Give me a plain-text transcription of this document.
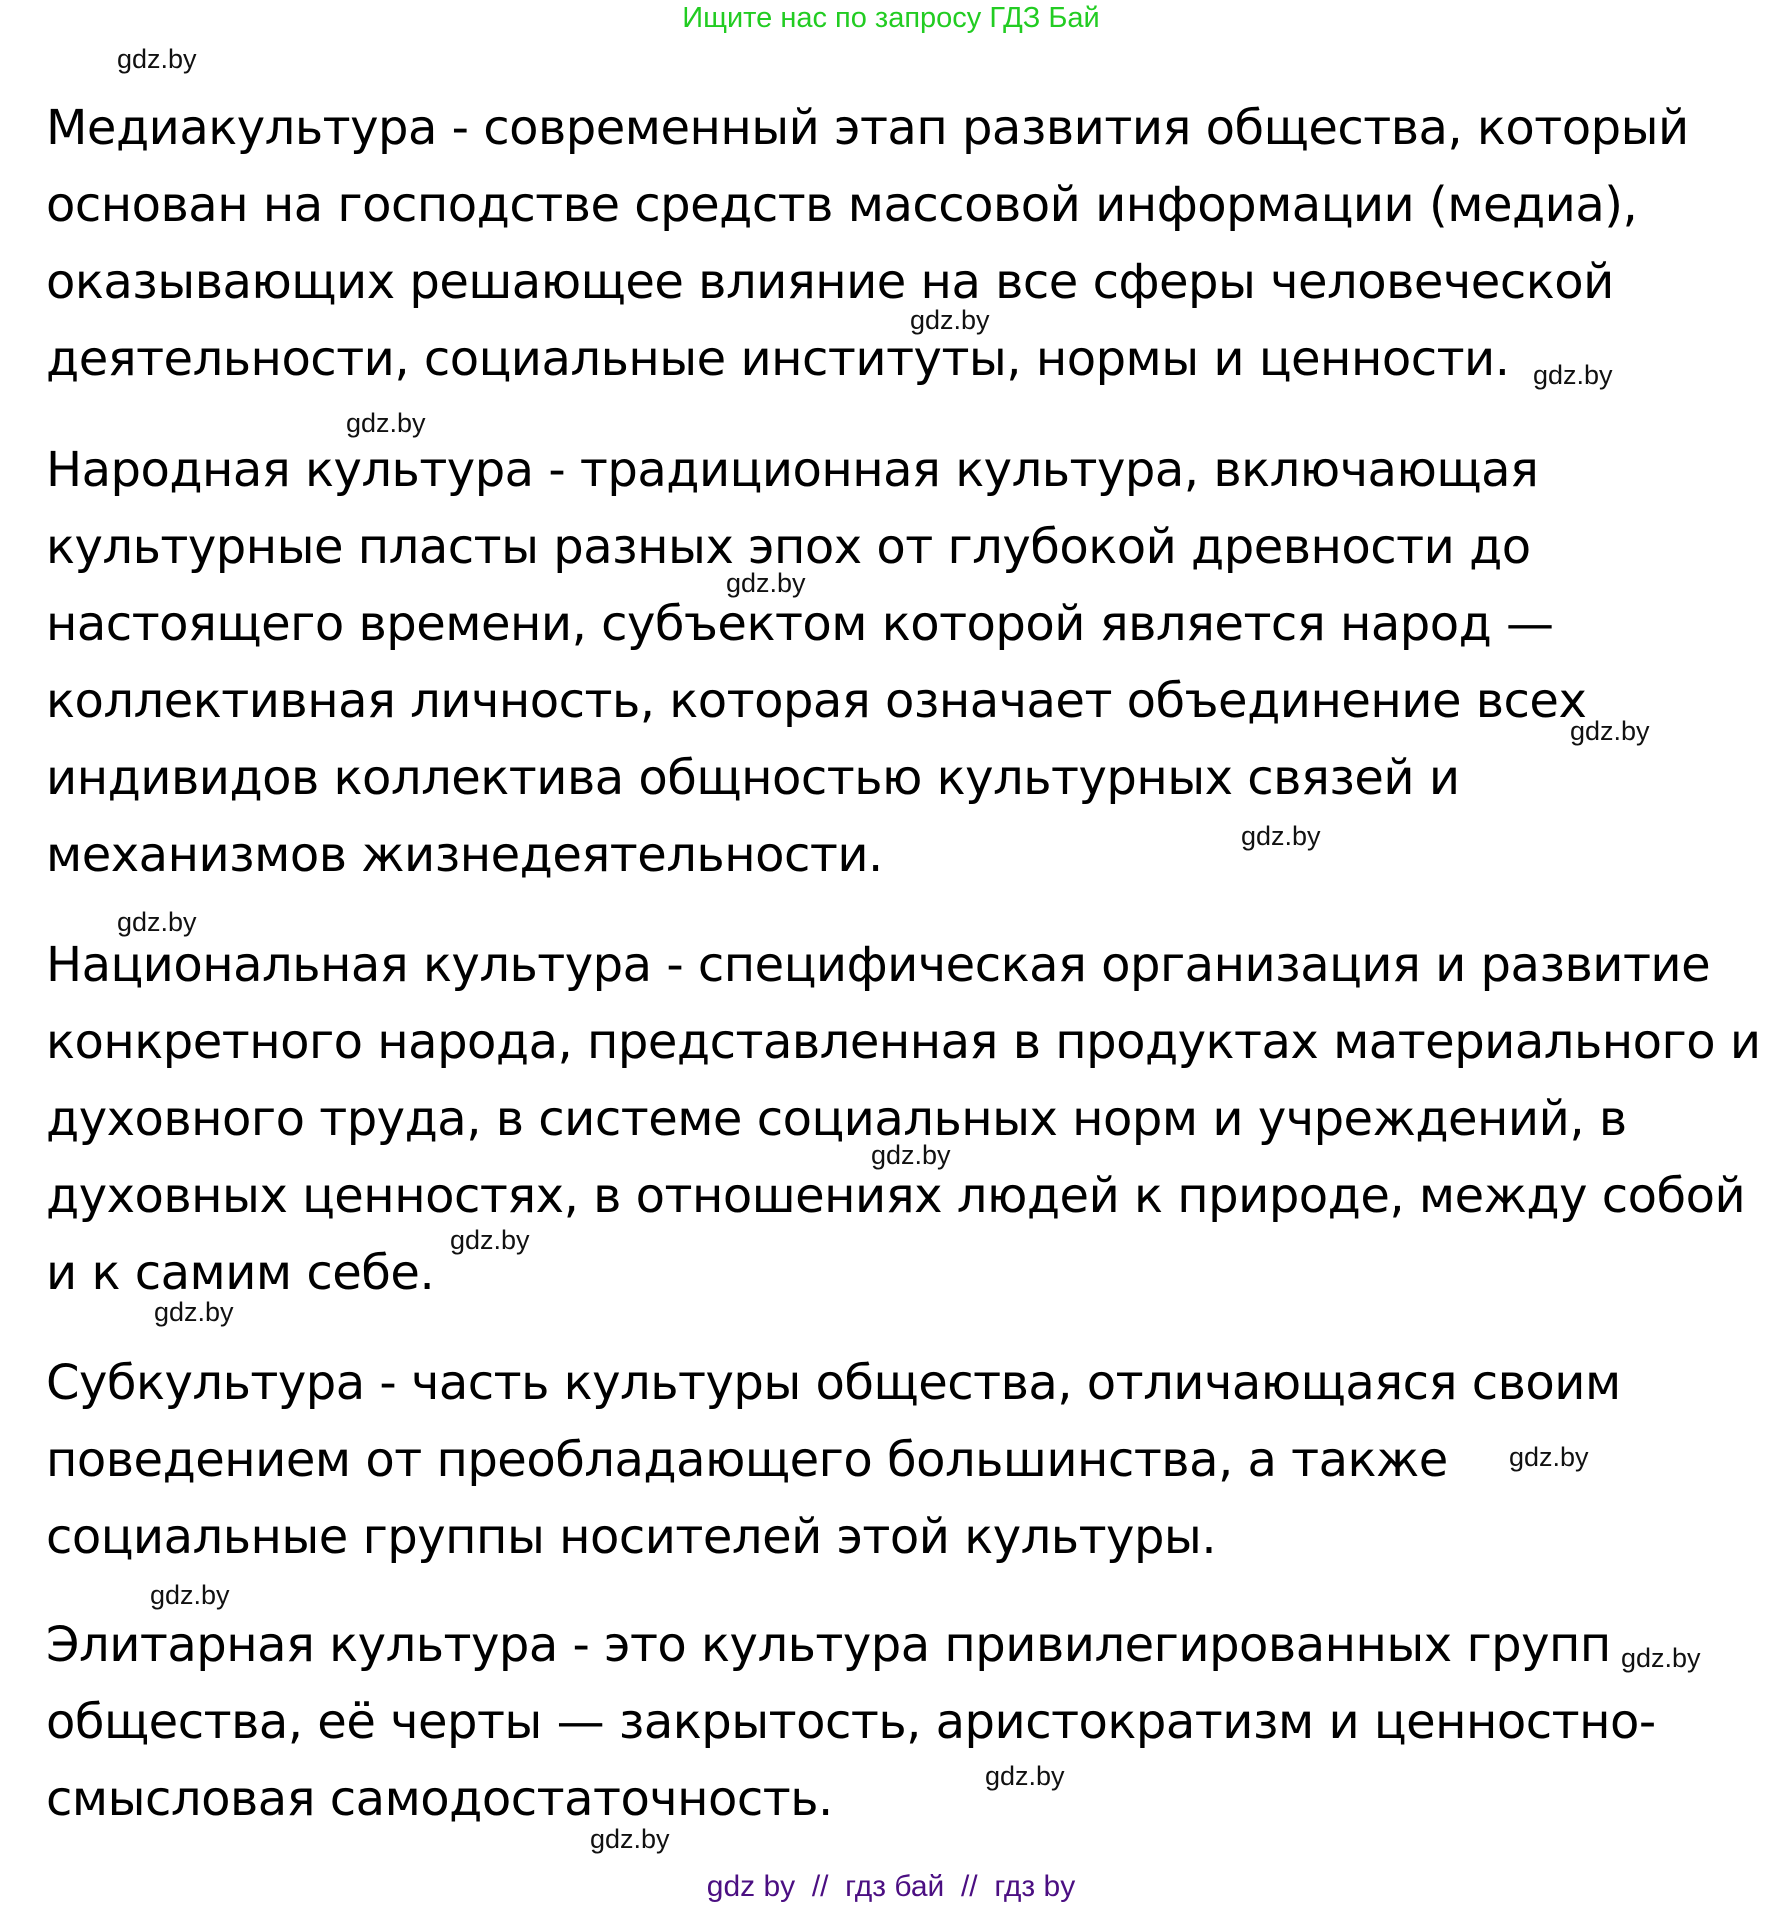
Ищите нас по запросу ГДЗ Бай
gdz.by
gdz.by
gdz.by
gdz.by
gdz.by
gdz.by
gdz.by
gdz.by
gdz.by
gdz.by
gdz.by
gdz.by
gdz.by
gdz.by
gdz.by
gdz.by
Медиакультура - современный этап развития общества, который
основан на господстве средств массовой информации (медиа),
оказывающих решающее влияние на все сферы человеческой
деятельности, социальные институты, нормы и ценности.
Народная культура - традиционная культура, включающая
культурные пласты разных эпох от глубокой древности до
настоящего времени, субъектом которой является народ —
коллективная личность, которая означает объединение всех
индивидов коллектива общностью культурных связей и
механизмов жизнедеятельности.
Национальная культура - специфическая организация и развитие
конкретного народа, представленная в продуктах материального и
духовного труда, в системе социальных норм и учреждений, в
духовных ценностях, в отношениях людей к природе, между собой
и к самим себе.
Субкультура - часть культуры общества, отличающаяся своим
поведением от преобладающего большинства, а также
социальные группы носителей этой культуры.
Элитарная культура - это культура привилегированных групп
общества, её черты — закрытость, аристократизм и ценностно-
смысловая самодостаточность.
gdz by  //  гдз бай  //  гдз by
